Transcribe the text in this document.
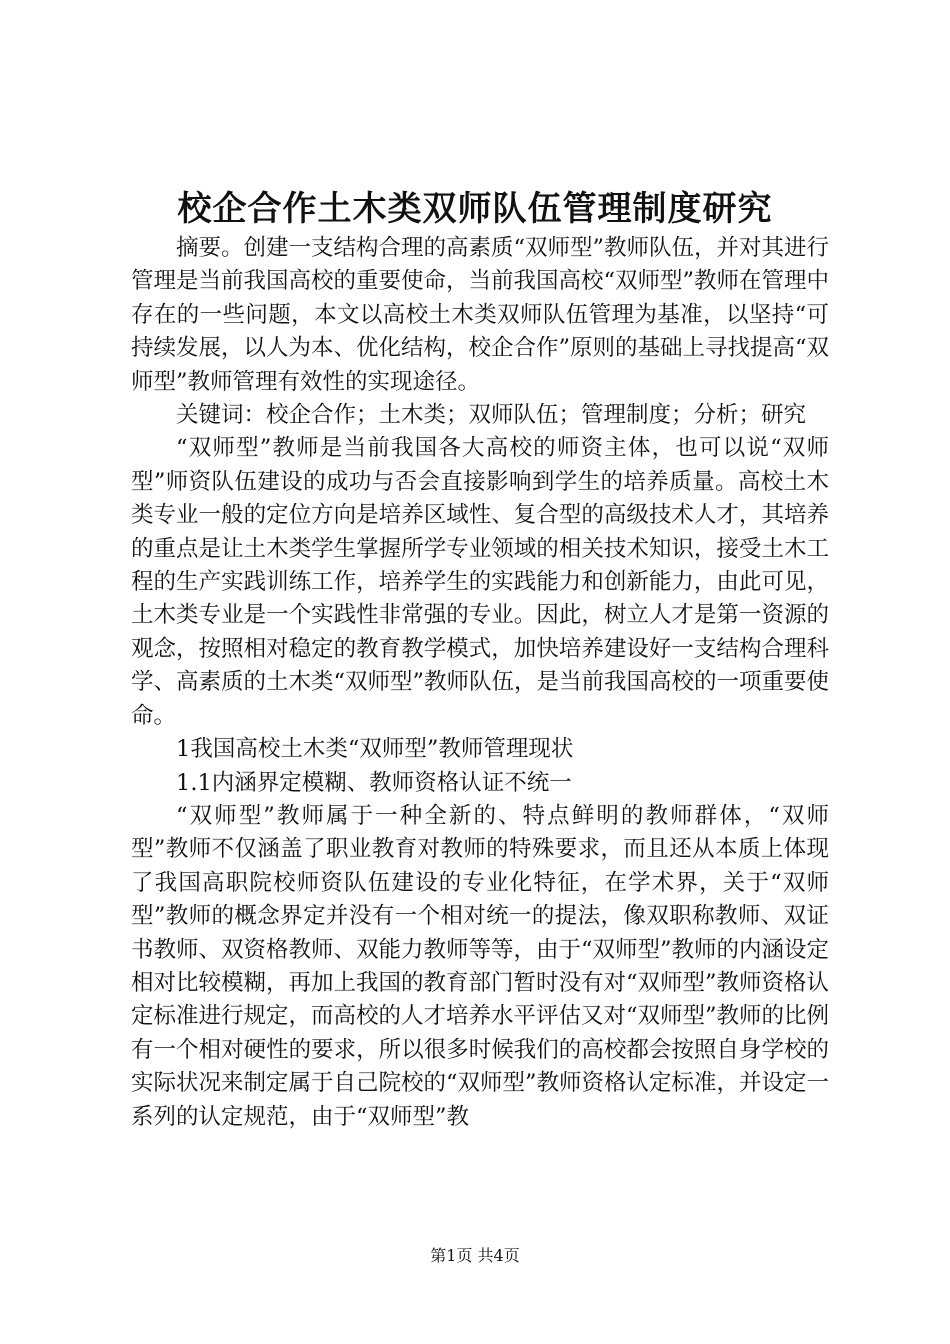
校企合作土木类双师队伍管理制度研究

摘要。创建一支结构合理的高素质“双师型”教师队伍，并对其进行管理是当前我国高校的重要使命，当前我国高校“双师型”教师在管理中存在的一些问题，本文以高校土木类双师队伍管理为基准，以坚持“可持续发展，以人为本、优化结构，校企合作”原则的基础上寻找提高“双师型”教师管理有效性的实现途径。

关键词：校企合作；土木类；双师队伍；管理制度；分析；研究

“双师型”教师是当前我国各大高校的师资主体，也可以说“双师型”师资队伍建设的成功与否会直接影响到学生的培养质量。高校土木类专业一般的定位方向是培养区域性、复合型的高级技术人才，其培养的重点是让土木类学生掌握所学专业领域的相关技术知识，接受土木工程的生产实践训练工作，培养学生的实践能力和创新能力，由此可见，土木类专业是一个实践性非常强的专业。因此，树立人才是第一资源的观念，按照相对稳定的教育教学模式，加快培养建设好一支结构合理科学、高素质的土木类“双师型”教师队伍，是当前我国高校的一项重要使命。

1我国高校土木类“双师型”教师管理现状

1.1内涵界定模糊、教师资格认证不统一

“双师型”教师属于一种全新的、特点鲜明的教师群体，“双师型”教师不仅涵盖了职业教育对教师的特殊要求，而且还从本质上体现了我国高职院校师资队伍建设的专业化特征，在学术界，关于“双师型”教师的概念界定并没有一个相对统一的提法，像双职称教师、双证书教师、双资格教师、双能力教师等等，由于“双师型”教师的内涵设定相对比较模糊，再加上我国的教育部门暂时没有对“双师型”教师资格认定标准进行规定，而高校的人才培养水平评估又对“双师型”教师的比例有一个相对硬性的要求，所以很多时候我们的高校都会按照自身学校的实际状况来制定属于自己院校的“双师型”教师资格认定标准，并设定一系列的认定规范，由于“双师型”教

第1页 共4页
